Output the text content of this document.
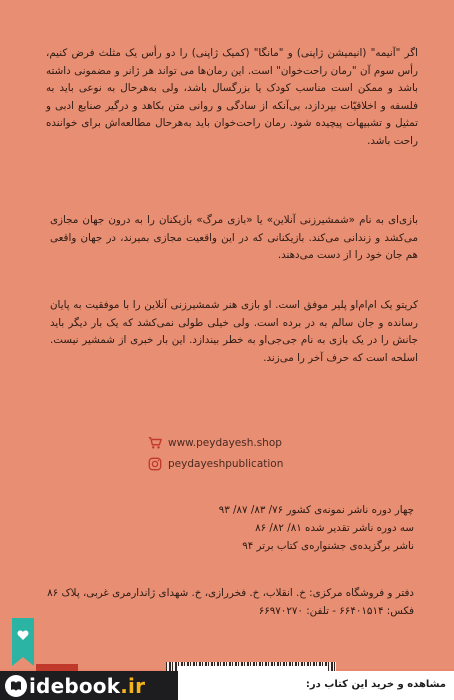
اگر "آنیمه" (انیمیشن ژاپنی) و "مانگا" (کمیک ژاپنی) را دو رأس یک مثلث فرض کنیم، رأس سوم آن "رمان راحت‌خوان" است. این رمان‌ها می تواند هر ژانر و مضمونی داشته باشد و ممکن است مناسب کودک یا بزرگسال باشد، ولی به‌هرحال به نوعی باید به فلسفه و اخلاقیّات بپردازد، بی‌آنکه از سادگی و روانی متن بکاهد و درگیر صنایع ادبی و تمثیل و تشبیهات پیچیده شود. رمان راحت‌خوان باید به‌هرحال مطالعه‌اش برای خواننده راحت باشد.
بازی‌ای به نام «شمشیرزنی آنلاین» یا «بازی مرگ» بازیکنان را به درون جهان مجازی می‌کشد و زندانی می‌کند. بازیکنانی که در این واقعیت مجازی بمیرند، در جهان واقعی هم جان خود را از دست می‌دهند.
کریتو یک ام‌ام‌او پلیر موفق است. او بازی هنر شمشیرزنی آنلاین را با موفقیت به پایان رسانده و جان سالم به در برده است. ولی خیلی طولی نمی‌کشد که یک بار دیگر باید جانش را در یک بازی به نام جی‌جی‌او به خطر بیندازد. این بار خبری از شمشیر نیست. اسلحه است که حرف آخر را می‌زند.
www.peydayesh.shop
peydayeshpublication
چهار دوره ناشر نمونه‌ی کشور ۷۶/ ۸۳/ ۸۷/ ۹۳
سه دوره ناشر تقدیر شده ۸۱/ ۸۲/ ۸۶
ناشر برگزیده‌ی جشنواره‌ی کتاب برتر ۹۴
دفتر و فروشگاه مرکزی: خ. انقلاب، خ. فخررازی، خ. شهدای ژاندارمری غربی، پلاک ۸۶
فکس: ۶۶۴۰۱۵۱۴ - تلفن: ۶۶۹۷۰۲۷۰
idebook.ir	مشاهده و خرید این کتاب در:
